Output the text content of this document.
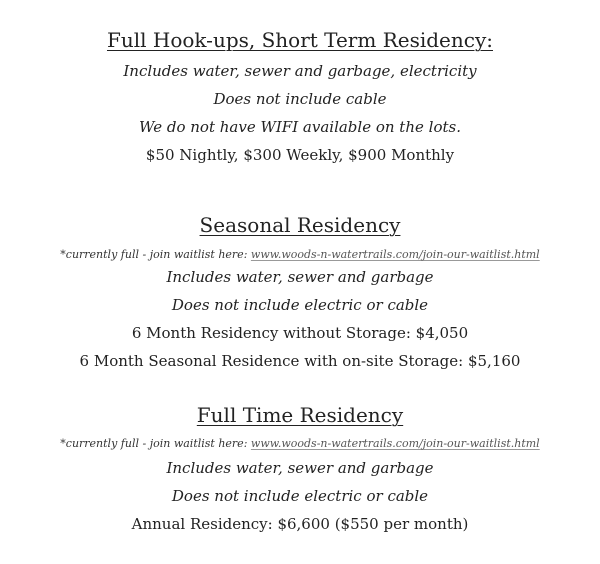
Full Hook-ups, Short Term Residency:
Includes water, sewer and garbage, electricity
Does not include cable
We do not have WIFI available on the lots.
$50 Nightly, $300 Weekly, $900 Monthly
Seasonal Residency
*currently full - join waitlist here: www.woods-n-watertrails.com/join-our-waitlist.html
Includes water, sewer and garbage
Does not include electric or cable
6 Month Residency without Storage: $4,050
6 Month Seasonal Residence with on-site Storage: $5,160
Full Time Residency
*currently full - join waitlist here: www.woods-n-watertrails.com/join-our-waitlist.html
Includes water, sewer and garbage
Does not include electric or cable
Annual Residency: $6,600 ($550 per month)
